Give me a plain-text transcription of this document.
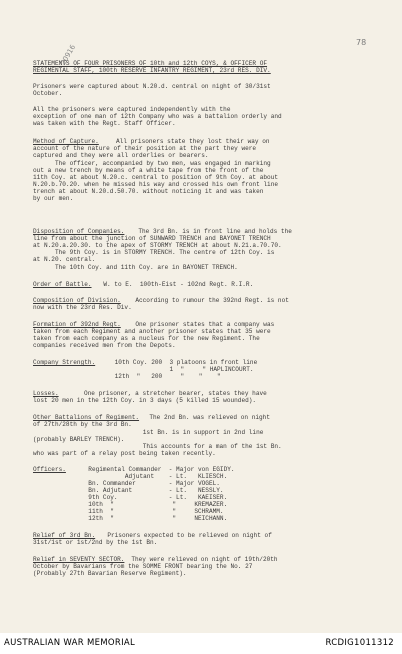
78
20916
STATEMENTS OF FOUR PRISONERS OF 10th and 12th COYS, & OFFICER OF
REGIMENTAL STAFF, 100th RESERVE INFANTRY REGIMENT, 23rd RES. DIV.
Prisoners were captured about N.20.d. central on night of 30/31st
October.
All the prisoners were captured independently with the
exception of one man of 12th Company who was a battalion orderly and
was taken with the Regt. Staff Officer.
Method of Capture. All prisoners state they lost their way on
account of the nature of their position at the part they were
captured and they were all orderlies or bearers.
The officer, accompanied by two men, was engaged in marking
out a new trench by means of a white tape from the front of the
11th Coy. at about N.20.c. central to position of 9th Coy. at about
N.20.b.70.20. when he missed his way and crossed his own front line
trench at about N.20.d.50.70. without noticing it and was taken
by our men.
Disposition of Companies. The 3rd Bn. is in front line and holds the
line from about the junction of SUNWARD TRENCH and BAYONET TRENCH
at N.20.a.20.30. to the apex of STORMY TRENCH at about N.21.a.70.70.
The 9th Coy. is in STORMY TRENCH. The centre of 12th Coy. is
at N.20. central.
The 10th Coy. and 11th Coy. are in BAYONET TRENCH.
Order of Battle. W. to E.  100th-Eist - 102nd Regt. R.I.R.
Composition of Division. According to rumour the 392nd Regt. is not
now with the 23rd Res. Div.
Formation of 392nd Regt. One prisoner states that a company was
taken from each Regiment and another prisoner states that 35 were
taken from each company as a nucleus for the new Regiment. The
companies received men from the Depots.
Company Strength. 10th Coy. 200  3 platoons in front line
1  "     " HAPLINCOURT.
12th  "   200     "    "    "
Losses. One prisoner, a stretcher bearer, states they have
lost 20 men in the 12th Coy. in 3 days (5 killed 15 wounded).
Other Battalions of Regiment. The 2nd Bn. was relieved on night
of 27th/28th by the 3rd Bn.
1st Bn. is in support in 2nd line
(probably BARLEY TRENCH).
This accounts for a man of the 1st Bn.
who was part of a relay post being taken recently.
Officers. Regimental Commander  - Major von EGIDY.
Adjutant    - Lt.   KLIESCH.
Bn. Commander         - Major VOGEL.
Bn. Adjutant          - Lt.   NESSLY.
9th Coy.              - Lt.   KAEISER.
10th  "                "     KREMAZER.
11th  "                "     SCHRAMM.
12th  "                "     NEICHANN.
Relief of 3rd Bn. Prisoners expected to be relieved on night of
31st/1st or 1st/2nd by the 1st Bn.
Relief in SEVENTY SECTOR. They were relieved on night of 19th/20th
October by Bavarians from the SOMME FRONT bearing the No. 27
(Probably 27th Bavarian Reserve Regiment).
AUSTRALIAN WAR MEMORIAL	RCDIG1011312
